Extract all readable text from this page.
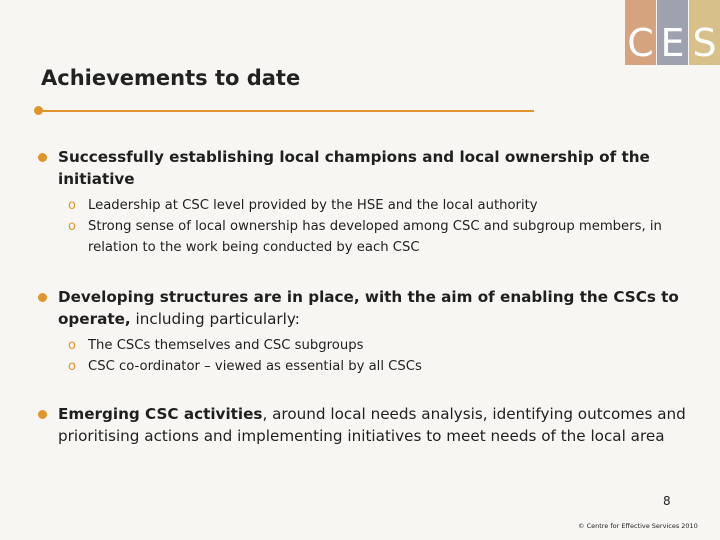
C E S
Achievements to date
Successfully establishing local champions and local ownership of the initiative
o Leadership at CSC level provided by the HSE and the local authority
o Strong sense of local ownership has developed among CSC and subgroup members, in relation to the work being conducted by each CSC
Developing structures are in place, with the aim of enabling the CSCs to operate, including particularly:
o The CSCs themselves and CSC subgroups
o CSC co-ordinator – viewed as essential by all CSCs
Emerging CSC activities, around local needs analysis, identifying outcomes and prioritising actions and implementing initiatives to meet needs of the local area
8
© Centre for Effective Services 2010
